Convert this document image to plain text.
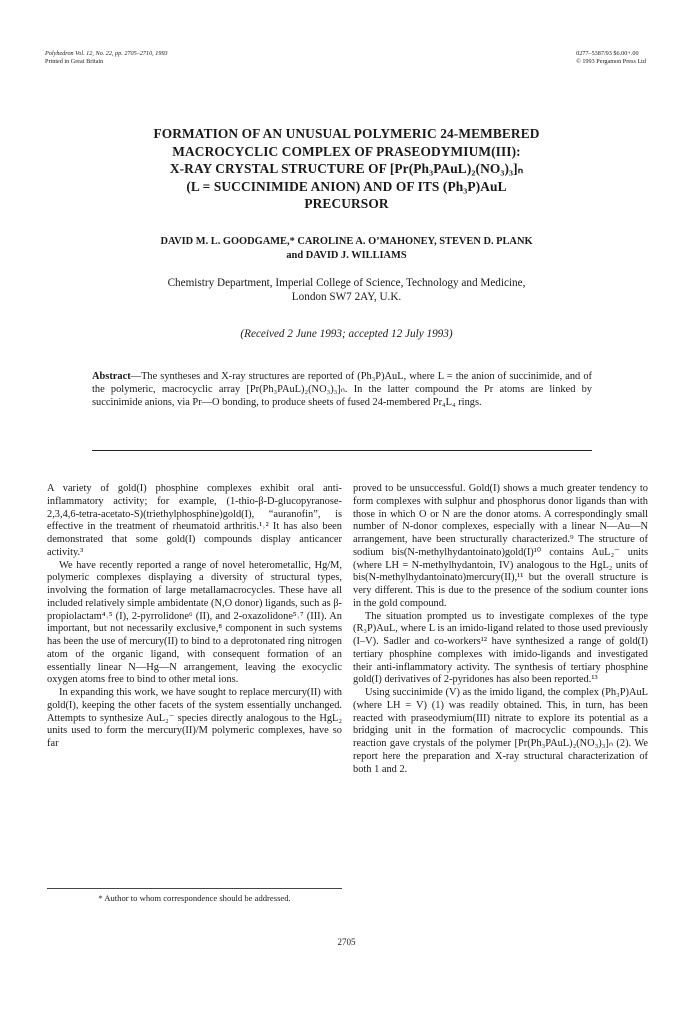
Polyhedron Vol. 12, No. 22, pp. 2705–2710, 1993
Printed in Great Britain
0277–5387/93 $6.00+.00
© 1993 Pergamon Press Ltd
FORMATION OF AN UNUSUAL POLYMERIC 24-MEMBERED
MACROCYCLIC COMPLEX OF PRASEODYMIUM(III):
X-RAY CRYSTAL STRUCTURE OF [Pr(Ph₃PAuL)₂(NO₃)₃]ₙ
(L = SUCCINIMIDE ANION) AND OF ITS (Ph₃P)AuL
PRECURSOR
DAVID M. L. GOODGAME,* CAROLINE A. O’MAHONEY, STEVEN D. PLANK
and DAVID J. WILLIAMS
Chemistry Department, Imperial College of Science, Technology and Medicine,
London SW7 2AY, U.K.
(Received 2 June 1993; accepted 12 July 1993)
Abstract—The syntheses and X-ray structures are reported of (Ph₃P)AuL, where L = the anion of succinimide, and of the polymeric, macrocyclic array [Pr(Ph₃PAuL)₂(NO₃)₃]ₙ. In the latter compound the Pr atoms are linked by succinimide anions, via Pr—O bonding, to produce sheets of fused 24-membered Pr₄L₄ rings.

A variety of gold(I) phosphine complexes exhibit oral anti-inflammatory activity; for example, (1-thio-β-D-glucopyranose-2,3,4,6-tetra-acetato-S)(triethylphosphine)gold(I), “auranofin”, is effective in the treatment of rheumatoid arthritis.¹˒² It has also been demonstrated that some gold(I) compounds display anticancer activity.³

We have recently reported a range of novel heterometallic, Hg/M, polymeric complexes displaying a diversity of structural types, involving the formation of large metallamacrocycles. These have all included relatively simple ambidentate (N,O donor) ligands, such as β-propiolactam⁴˒⁵ (I), 2-pyrrolidone⁶ (II), and 2-oxazolidone⁵˒⁷ (III). An important, but not necessarily exclusive,⁸ component in such systems has been the use of mercury(II) to bind to a deprotonated ring nitrogen atom of the organic ligand, with consequent formation of an essentially linear N—Hg—N arrangement, leaving the exocyclic oxygen atoms free to bind to other metal ions.

In expanding this work, we have sought to replace mercury(II) with gold(I), keeping the other facets of the system essentially unchanged. Attempts to synthesize AuL₂⁻ species directly analogous to the HgL₂ units used to form the mercury(II)/M polymeric complexes, have so far

proved to be unsuccessful. Gold(I) shows a much greater tendency to form complexes with sulphur and phosphorus donor ligands than with those in which O or N are the donor atoms. A correspondingly small number of N-donor complexes, especially with a linear N—Au—N arrangement, have been structurally characterized.⁹ The structure of sodium bis(N-methylhydantoinato)gold(I)¹⁰ contains AuL₂⁻ units (where LH = N-methylhydantoin, IV) analogous to the HgL₂ units of bis(N-methylhydantoinato)mercury(II),¹¹ but the overall structure is very different. This is due to the presence of the sodium counter ions in the gold compound.

The situation prompted us to investigate complexes of the type (R₃P)AuL, where L is an imido-ligand related to those used previously (I–V). Sadler and co-workers¹² have synthesized a range of gold(I) tertiary phosphine complexes with imido-ligands and investigated their anti-inflammatory activity. The synthesis of tertiary phosphine gold(I) derivatives of 2-pyridones has also been reported.¹³

Using succinimide (V) as the imido ligand, the complex (Ph₃P)AuL (where LH = V) (1) was readily obtained. This, in turn, has been reacted with praseodymium(III) nitrate to explore its potential as a bridging unit in the formation of macrocyclic compounds. This reaction gave crystals of the polymer [Pr(Ph₃PAuL)₂(NO₃)₃]ₙ (2). We report here the preparation and X-ray structural characterization of both 1 and 2.

* Author to whom correspondence should be addressed.
2705
